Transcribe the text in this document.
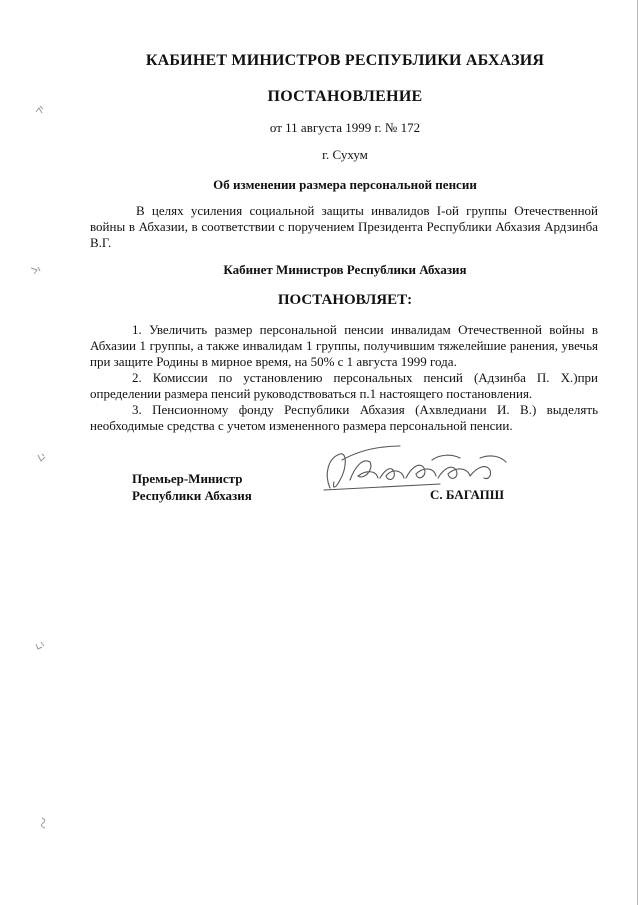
КАБИНЕТ МИНИСТРОВ РЕСПУБЛИКИ АБХАЗИЯ
ПОСТАНОВЛЕНИЕ
от 11 августа 1999 г. № 172
г. Сухум
Об изменении размера персональной пенсии
В целях усиления социальной защиты инвалидов I-ой группы Отечественной войны в Абхазии, в соответствии с поручением Президента Республики Абхазия Ардзинба В.Г.
Кабинет Министров Республики Абхазия
ПОСТАНОВЛЯЕТ:

1. Увеличить размер персональной пенсии инвалидам Отечественной войны в Абхазии 1 группы, а также инвалидам 1 группы, получившим тяжелейшие ранения, увечья при защите Родины в мирное время, на 50% с 1 августа 1999 года.

2. Комиссии по установлению персональных пенсий (Адзинба П. Х.)при определении размера пенсий руководствоваться п.1 настоящего постановления.

3. Пенсионному фонду Республики Абхазия (Ахвледиани И. В.) выделять необходимые средства с учетом измененного размера персональной пенсии.

Премьер-Министр
Республики Абхазия	С. БАГАПШ
